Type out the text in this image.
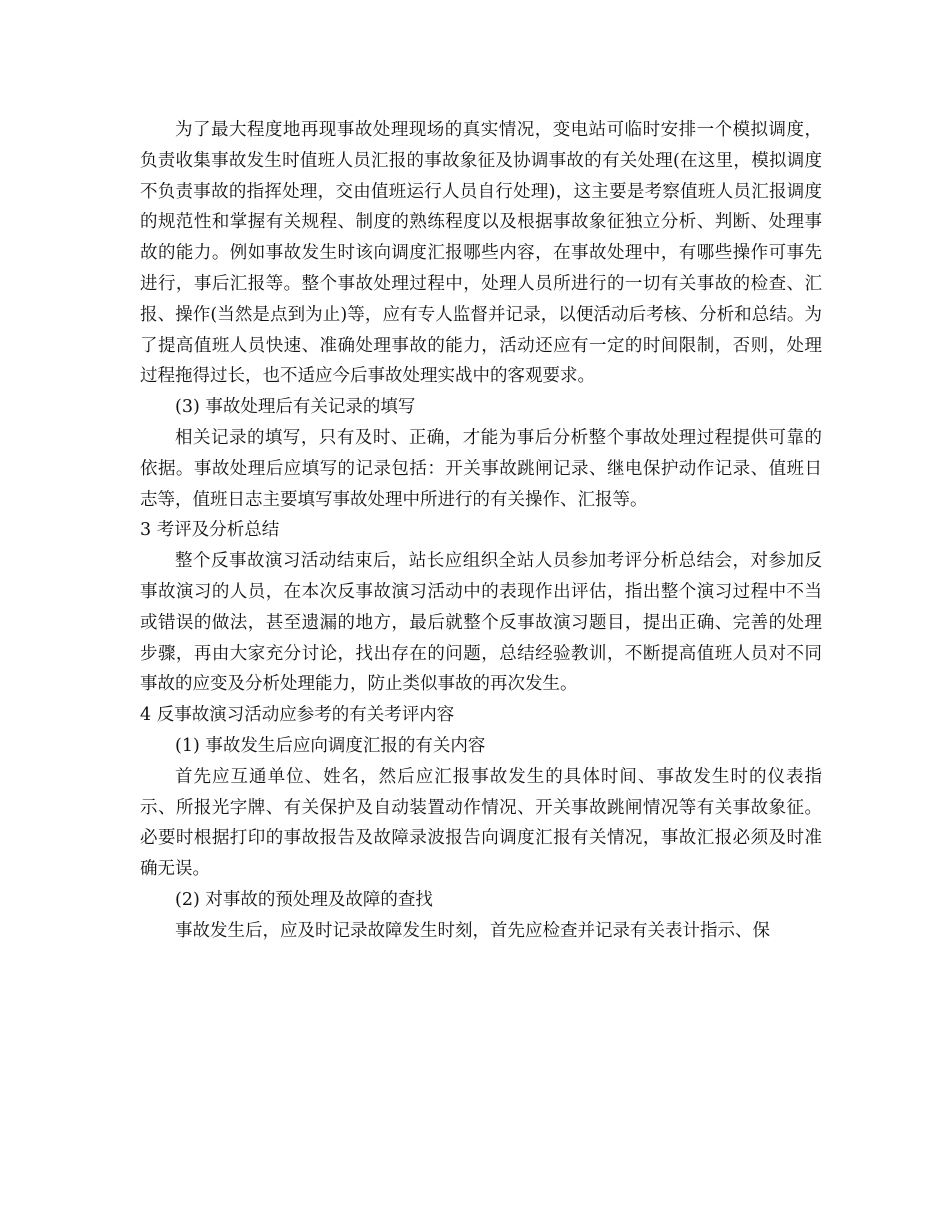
为了最大程度地再现事故处理现场的真实情况，变电站可临时安排一个模拟调度，负责收集事故发生时值班人员汇报的事故象征及协调事故的有关处理(在这里，模拟调度不负责事故的指挥处理，交由值班运行人员自行处理)，这主要是考察值班人员汇报调度的规范性和掌握有关规程、制度的熟练程度以及根据事故象征独立分析、判断、处理事故的能力。例如事故发生时该向调度汇报哪些内容，在事故处理中，有哪些操作可事先进行，事后汇报等。整个事故处理过程中，处理人员所进行的一切有关事故的检查、汇报、操作(当然是点到为止)等，应有专人监督并记录，以便活动后考核、分析和总结。为了提高值班人员快速、准确处理事故的能力，活动还应有一定的时间限制，否则，处理过程拖得过长，也不适应今后事故处理实战中的客观要求。

(3) 事故处理后有关记录的填写

相关记录的填写，只有及时、正确，才能为事后分析整个事故处理过程提供可靠的依据。事故处理后应填写的记录包括：开关事故跳闸记录、继电保护动作记录、值班日志等，值班日志主要填写事故处理中所进行的有关操作、汇报等。

3 考评及分析总结

整个反事故演习活动结束后，站长应组织全站人员参加考评分析总结会，对参加反事故演习的人员，在本次反事故演习活动中的表现作出评估，指出整个演习过程中不当或错误的做法，甚至遗漏的地方，最后就整个反事故演习题目，提出正确、完善的处理步骤，再由大家充分讨论，找出存在的问题，总结经验教训，不断提高值班人员对不同事故的应变及分析处理能力，防止类似事故的再次发生。

4 反事故演习活动应参考的有关考评内容

(1) 事故发生后应向调度汇报的有关内容

首先应互通单位、姓名，然后应汇报事故发生的具体时间、事故发生时的仪表指示、所报光字牌、有关保护及自动装置动作情况、开关事故跳闸情况等有关事故象征。必要时根据打印的事故报告及故障录波报告向调度汇报有关情况，事故汇报必须及时准确无误。

(2) 对事故的预处理及故障的查找

事故发生后，应及时记录故障发生时刻，首先应检查并记录有关表计指示、保
